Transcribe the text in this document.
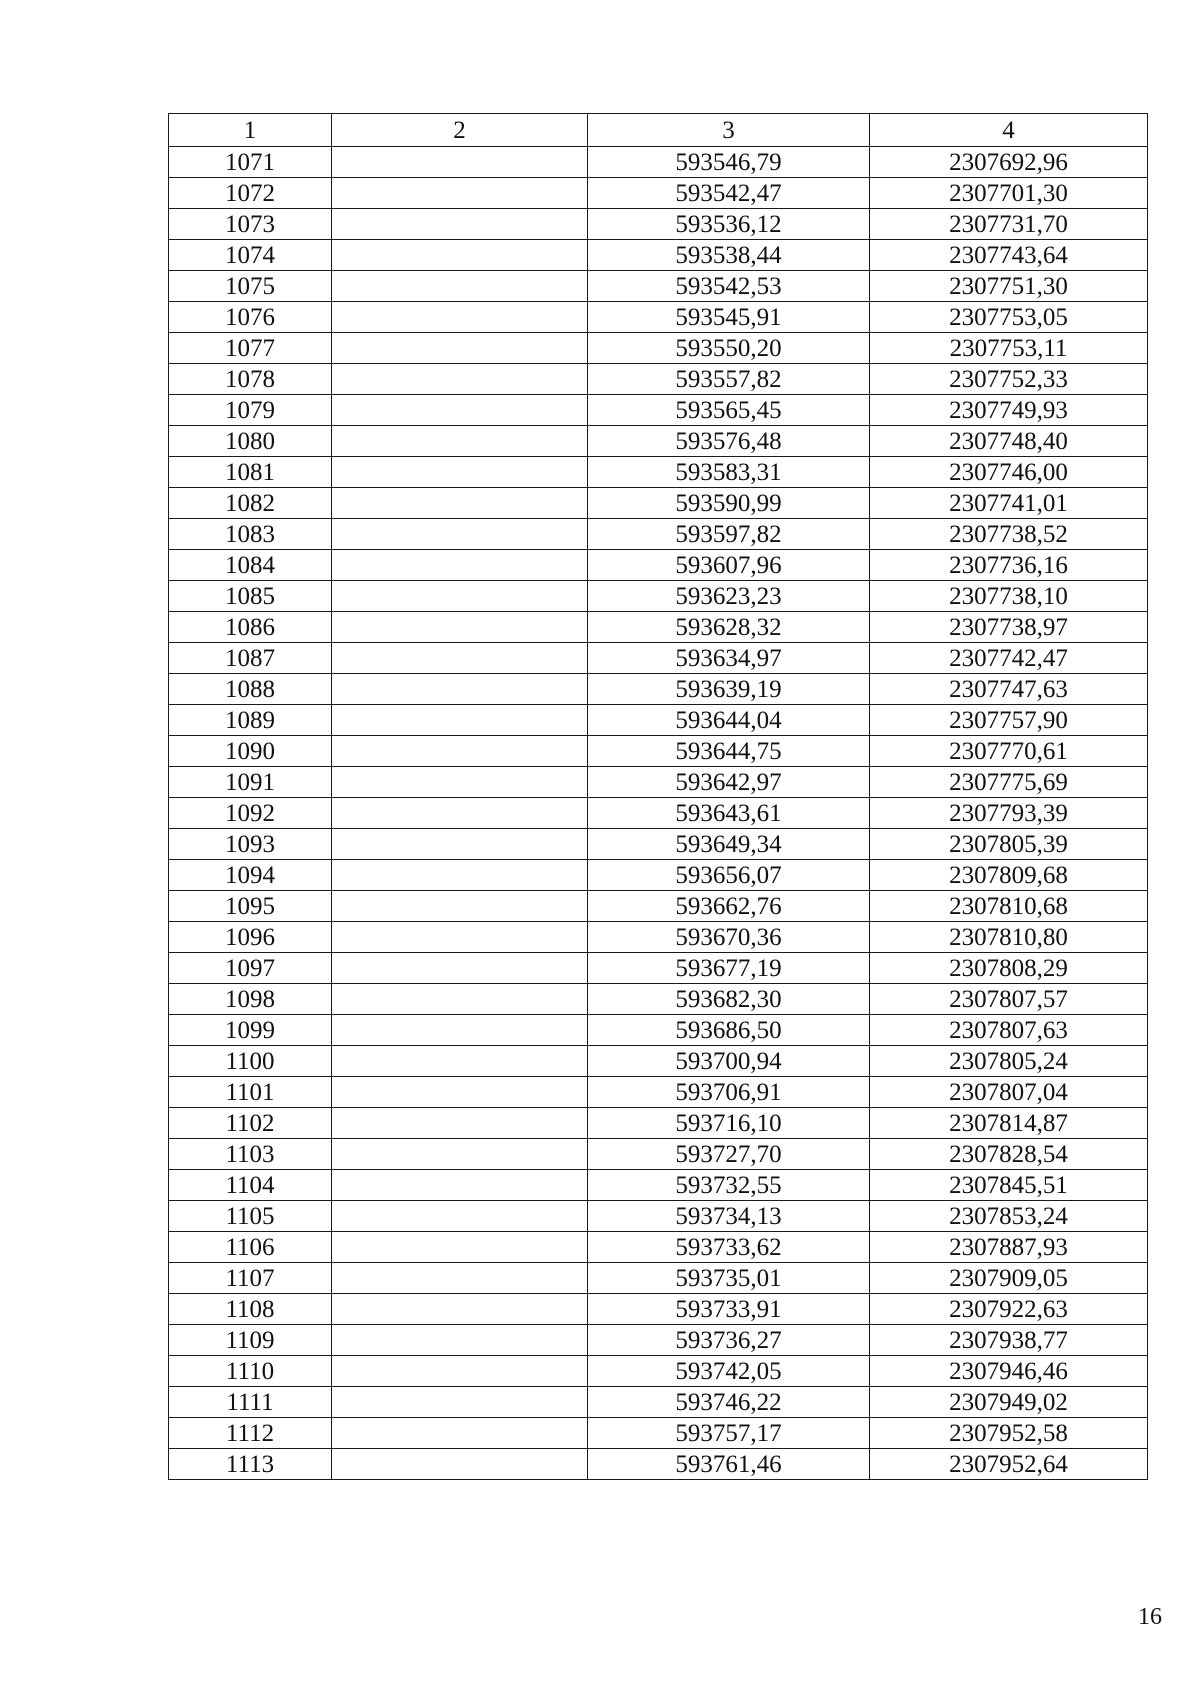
1	2	3	4
1071		593546,79	2307692,96
1072		593542,47	2307701,30
1073		593536,12	2307731,70
1074		593538,44	2307743,64
1075		593542,53	2307751,30
1076		593545,91	2307753,05
1077		593550,20	2307753,11
1078		593557,82	2307752,33
1079		593565,45	2307749,93
1080		593576,48	2307748,40
1081		593583,31	2307746,00
1082		593590,99	2307741,01
1083		593597,82	2307738,52
1084		593607,96	2307736,16
1085		593623,23	2307738,10
1086		593628,32	2307738,97
1087		593634,97	2307742,47
1088		593639,19	2307747,63
1089		593644,04	2307757,90
1090		593644,75	2307770,61
1091		593642,97	2307775,69
1092		593643,61	2307793,39
1093		593649,34	2307805,39
1094		593656,07	2307809,68
1095		593662,76	2307810,68
1096		593670,36	2307810,80
1097		593677,19	2307808,29
1098		593682,30	2307807,57
1099		593686,50	2307807,63
1100		593700,94	2307805,24
1101		593706,91	2307807,04
1102		593716,10	2307814,87
1103		593727,70	2307828,54
1104		593732,55	2307845,51
1105		593734,13	2307853,24
1106		593733,62	2307887,93
1107		593735,01	2307909,05
1108		593733,91	2307922,63
1109		593736,27	2307938,77
1110		593742,05	2307946,46
1111		593746,22	2307949,02
1112		593757,17	2307952,58
1113		593761,46	2307952,64
16
